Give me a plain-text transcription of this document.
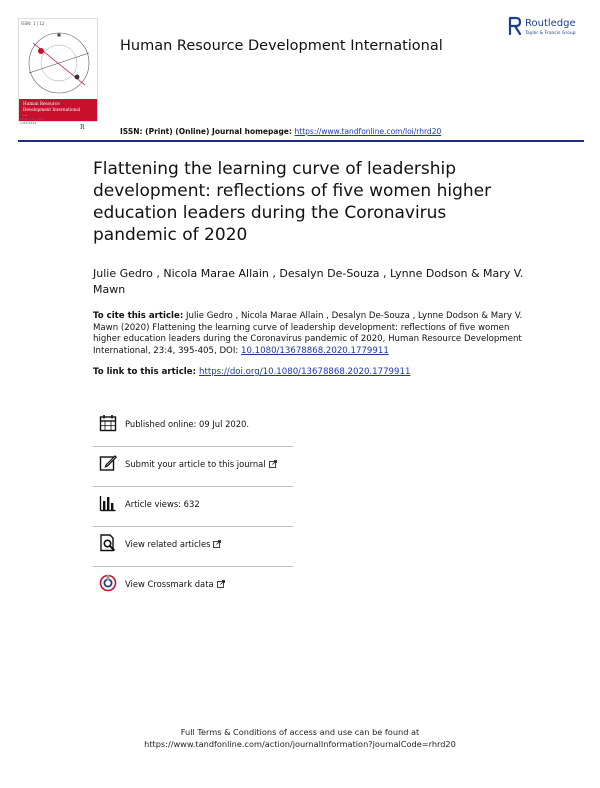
ISSN: 1 | 12
Human Resource
Development International
...
ISSN 1367-8868
1469-8374
R
Human Resource Development International
Routledge
Taylor & Francis Group
ISSN: (Print) (Online) Journal homepage: https://www.tandfonline.com/loi/rhrd20
Flattening the learning curve of leadership development: reflections of five women higher education leaders during the Coronavirus pandemic of 2020
Julie Gedro , Nicola Marae Allain , Desalyn De-Souza , Lynne Dodson & Mary V. Mawn
To cite this article: Julie Gedro , Nicola Marae Allain , Desalyn De-Souza , Lynne Dodson & Mary V. Mawn (2020) Flattening the learning curve of leadership development: reflections of five women higher education leaders during the Coronavirus pandemic of 2020, Human Resource Development International, 23:4, 395-405, DOI: 10.1080/13678868.2020.1779911
To link to this article: https://doi.org/10.1080/13678868.2020.1779911
Published online: 09 Jul 2020.
Submit your article to this journal
Article views: 632
View related articles
View Crossmark data
Full Terms & Conditions of access and use can be found at
https://www.tandfonline.com/action/journalInformation?journalCode=rhrd20
